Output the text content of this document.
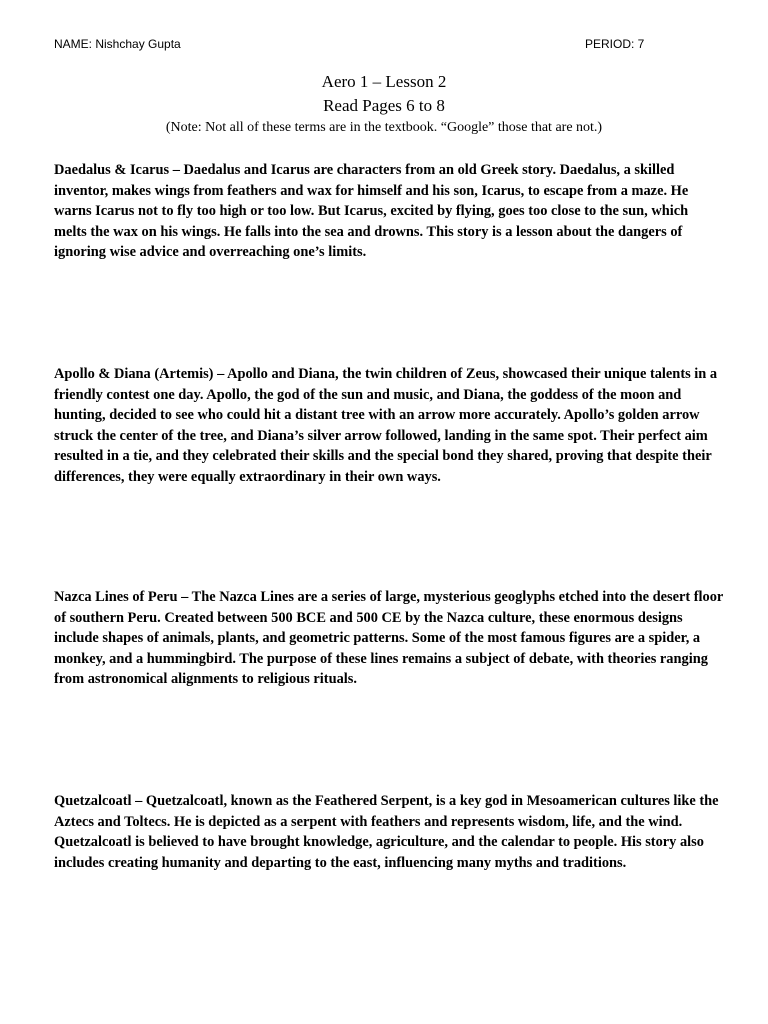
NAME: Nishchay Gupta	PERIOD: 7
Aero 1 – Lesson 2
Read Pages 6 to 8
(Note: Not all of these terms are in the textbook. “Google” those that are not.)

Daedalus & Icarus – Daedalus and Icarus are characters from an old Greek story. Daedalus, a skilled inventor, makes wings from feathers and wax for himself and his son, Icarus, to escape from a maze. He warns Icarus not to fly too high or too low. But Icarus, excited by flying, goes too close to the sun, which melts the wax on his wings. He falls into the sea and drowns. This story is a lesson about the dangers of ignoring wise advice and overreaching one’s limits.

Apollo & Diana (Artemis) – Apollo and Diana, the twin children of Zeus, showcased their unique talents in a friendly contest one day. Apollo, the god of the sun and music, and Diana, the goddess of the moon and hunting, decided to see who could hit a distant tree with an arrow more accurately. Apollo’s golden arrow struck the center of the tree, and Diana’s silver arrow followed, landing in the same spot. Their perfect aim resulted in a tie, and they celebrated their skills and the special bond they shared, proving that despite their differences, they were equally extraordinary in their own ways.

Nazca Lines of Peru – The Nazca Lines are a series of large, mysterious geoglyphs etched into the desert floor of southern Peru. Created between 500 BCE and 500 CE by the Nazca culture, these enormous designs include shapes of animals, plants, and geometric patterns. Some of the most famous figures are a spider, a monkey, and a hummingbird. The purpose of these lines remains a subject of debate, with theories ranging from astronomical alignments to religious rituals.

Quetzalcoatl – Quetzalcoatl, known as the Feathered Serpent, is a key god in Mesoamerican cultures like the Aztecs and Toltecs. He is depicted as a serpent with feathers and represents wisdom, life, and the wind. Quetzalcoatl is believed to have brought knowledge, agriculture, and the calendar to people. His story also includes creating humanity and departing to the east, influencing many myths and traditions.
